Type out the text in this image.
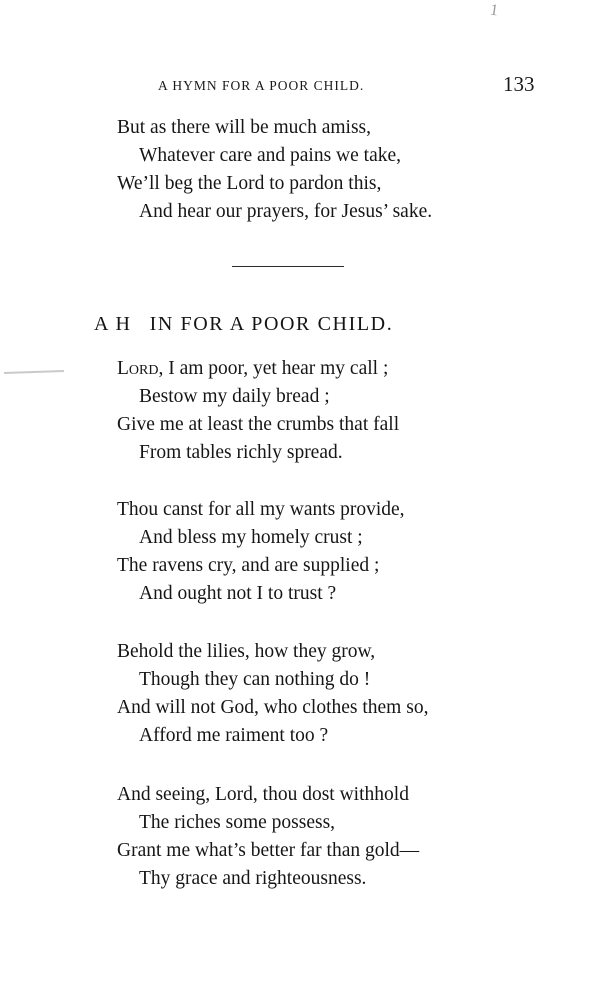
1
A HYMN FOR A POOR CHILD.	133
But as there will be much amiss,
Whatever care and pains we take,
We’ll beg the Lord to pardon this,
And hear our prayers, for Jesus’ sake.
A H IN FOR A POOR CHILD.
Lord, I am poor, yet hear my call ;
Bestow my daily bread ;
Give me at least the crumbs that fall
From tables richly spread.
Thou canst for all my wants provide,
And bless my homely crust ;
The ravens cry, and are supplied ;
And ought not I to trust ?
Behold the lilies, how they grow,
Though they can nothing do !
And will not God, who clothes them so,
Afford me raiment too ?
And seeing, Lord, thou dost withhold
The riches some possess,
Grant me what’s better far than gold—
Thy grace and righteousness.
